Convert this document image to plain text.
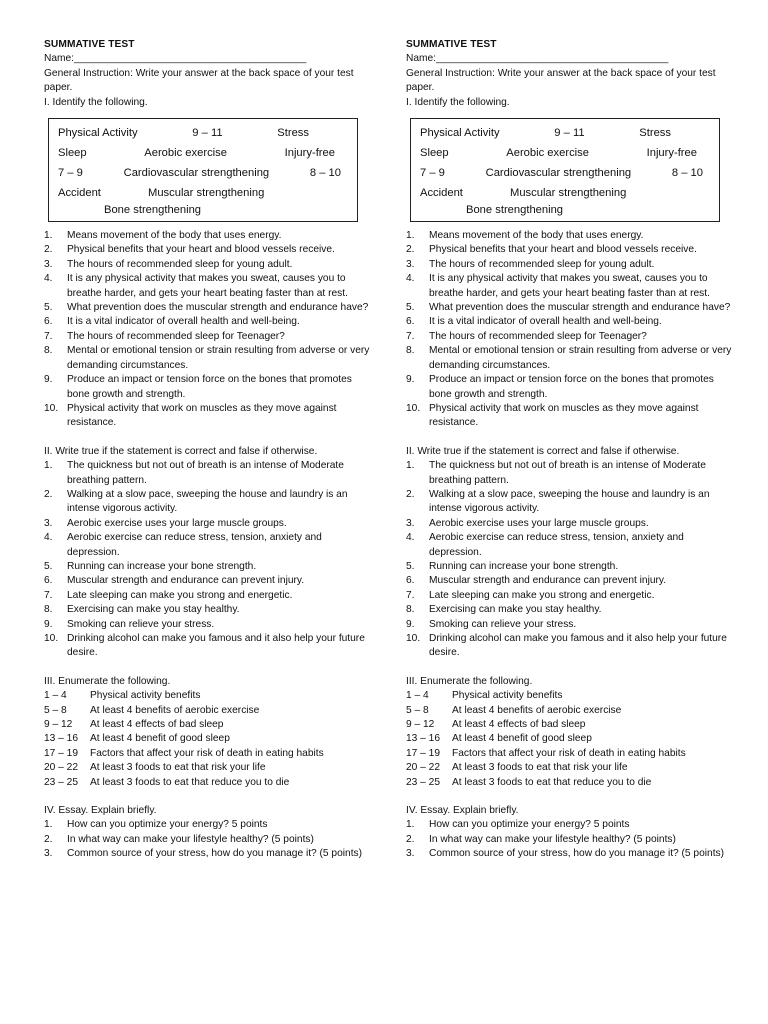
SUMMATIVE TEST
Name:_________________________________________
General Instruction: Write your answer at the back space of your test paper.
I. Identify the following.
Physical Activity	9 – 11	Stress
Sleep	Aerobic exercise	Injury-free
7 – 9	Cardiovascular strengthening	8 – 10
Accident	Muscular strengthening
Bone strengthening
1.	Means movement of the body that uses energy.
2.	Physical benefits that your heart and blood vessels receive.
3.	The hours of recommended sleep for young adult.
4.	It is any physical activity that makes you sweat, causes you to breathe harder, and gets your heart beating faster than at rest.
5.	What prevention does the muscular strength and endurance have?
6.	It is a vital indicator of overall health and well-being.
7.	The hours of recommended sleep for Teenager?
8.	Mental or emotional tension or strain resulting from adverse or very demanding circumstances.
9.	Produce an impact or tension force on the bones that promotes bone growth and strength.
10. Physical activity that work on muscles as they move against resistance.
II. Write true if the statement is correct and false if otherwise.
1.	The quickness but not out of breath is an intense of Moderate breathing pattern.
2.	Walking at a slow pace, sweeping the house and laundry is an intense vigorous activity.
3.	Aerobic exercise uses your large muscle groups.
4.	Aerobic exercise can reduce stress, tension, anxiety and depression.
5.	Running can increase your bone strength.
6.	Muscular strength and endurance can prevent injury.
7.	Late sleeping can make you strong and energetic.
8.	Exercising can make you stay healthy.
9.	Smoking can relieve your stress.
10. Drinking alcohol can make you famous and it also help your future desire.
III. Enumerate the following.
1 – 4	Physical activity benefits
5 – 8	At least 4 benefits of aerobic exercise
9 – 12	At least 4 effects of bad sleep
13 – 16	At least 4 benefit of good sleep
17 – 19	Factors that affect your risk of death in eating habits
20 – 22	At least 3 foods to eat that risk your life
23 – 25	At least 3 foods to eat that reduce you to die
IV. Essay. Explain briefly.
1.	How can you optimize your energy? 5 points
2.	In what way can make your lifestyle healthy? (5 points)
3.	Common source of your stress, how do you manage it? (5 points)
SUMMATIVE TEST
Name:_________________________________________
General Instruction: Write your answer at the back space of your test paper.
I. Identify the following.
Physical Activity	9 – 11	Stress
Sleep	Aerobic exercise	Injury-free
7 – 9	Cardiovascular strengthening	8 – 10
Accident	Muscular strengthening
Bone strengthening
1.	Means movement of the body that uses energy.
2.	Physical benefits that your heart and blood vessels receive.
3.	The hours of recommended sleep for young adult.
4.	It is any physical activity that makes you sweat, causes you to breathe harder, and gets your heart beating faster than at rest.
5.	What prevention does the muscular strength and endurance have?
6.	It is a vital indicator of overall health and well-being.
7.	The hours of recommended sleep for Teenager?
8.	Mental or emotional tension or strain resulting from adverse or very demanding circumstances.
9.	Produce an impact or tension force on the bones that promotes bone growth and strength.
10. Physical activity that work on muscles as they move against resistance.
II. Write true if the statement is correct and false if otherwise.
1.	The quickness but not out of breath is an intense of Moderate breathing pattern.
2.	Walking at a slow pace, sweeping the house and laundry is an intense vigorous activity.
3.	Aerobic exercise uses your large muscle groups.
4.	Aerobic exercise can reduce stress, tension, anxiety and depression.
5.	Running can increase your bone strength.
6.	Muscular strength and endurance can prevent injury.
7.	Late sleeping can make you strong and energetic.
8.	Exercising can make you stay healthy.
9.	Smoking can relieve your stress.
10. Drinking alcohol can make you famous and it also help your future desire.
III. Enumerate the following.
1 – 4	Physical activity benefits
5 – 8	At least 4 benefits of aerobic exercise
9 – 12	At least 4 effects of bad sleep
13 – 16	At least 4 benefit of good sleep
17 – 19	Factors that affect your risk of death in eating habits
20 – 22	At least 3 foods to eat that risk your life
23 – 25	At least 3 foods to eat that reduce you to die
IV. Essay. Explain briefly.
1.	How can you optimize your energy? 5 points
2.	In what way can make your lifestyle healthy? (5 points)
3.	Common source of your stress, how do you manage it? (5 points)
